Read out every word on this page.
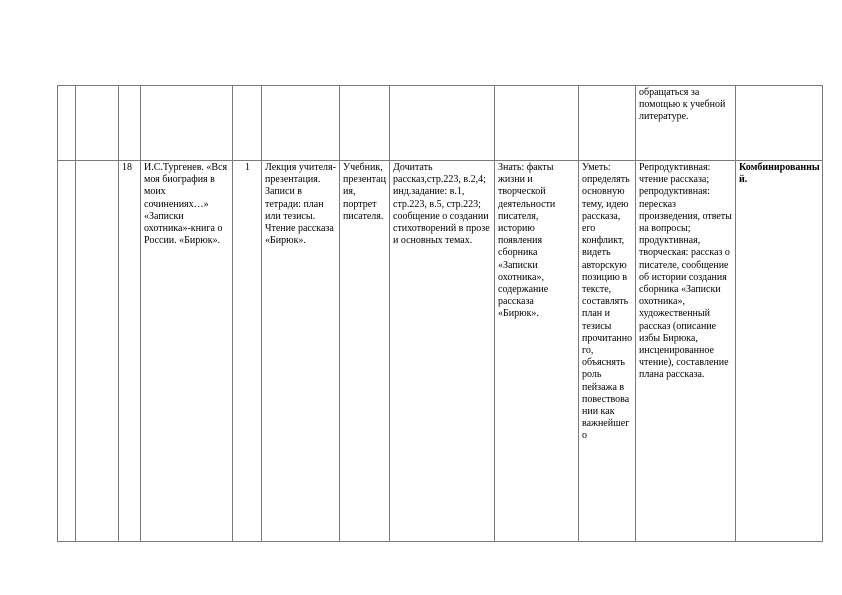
										обращаться за помощью к учебной литературе.	
		18	И.С.Тургенев. «Вся моя биография в моих сочинениях…» «Записки охотника»-книга о России. «Бирюк».	1	Лекция учителя-презентация. Записи в тетради: план или тезисы. Чтение рассказа «Бирюк».	Учебник, презентация, портрет писателя.	Дочитать рассказ,стр.223, в.2,4; инд.задание: в.1, стр.223, в.5, стр.223; сообщение о создании стихотворений в прозе и основных темах.	Знать: факты жизни и творческой деятельности писателя, историю появления сборника «Записки охотника», содержание рассказа «Бирюк».	Уметь: определять основную тему, идею рассказа, его конфликт, видеть авторскую позицию в тексте, составлять план и тезисы прочитанного, объяснять роль пейзажа в повествовании как важнейшего	Репродуктивная: чтение рассказа; репродуктивная: пересказ произведения, ответы на вопросы; продуктивная, творческая: рассказ о писателе, сообщение об истории создания сборника «Записки охотника», художественный рассказ (описание избы Бирюка, инсценированное чтение), составление плана рассказа.	Комбинированный.
